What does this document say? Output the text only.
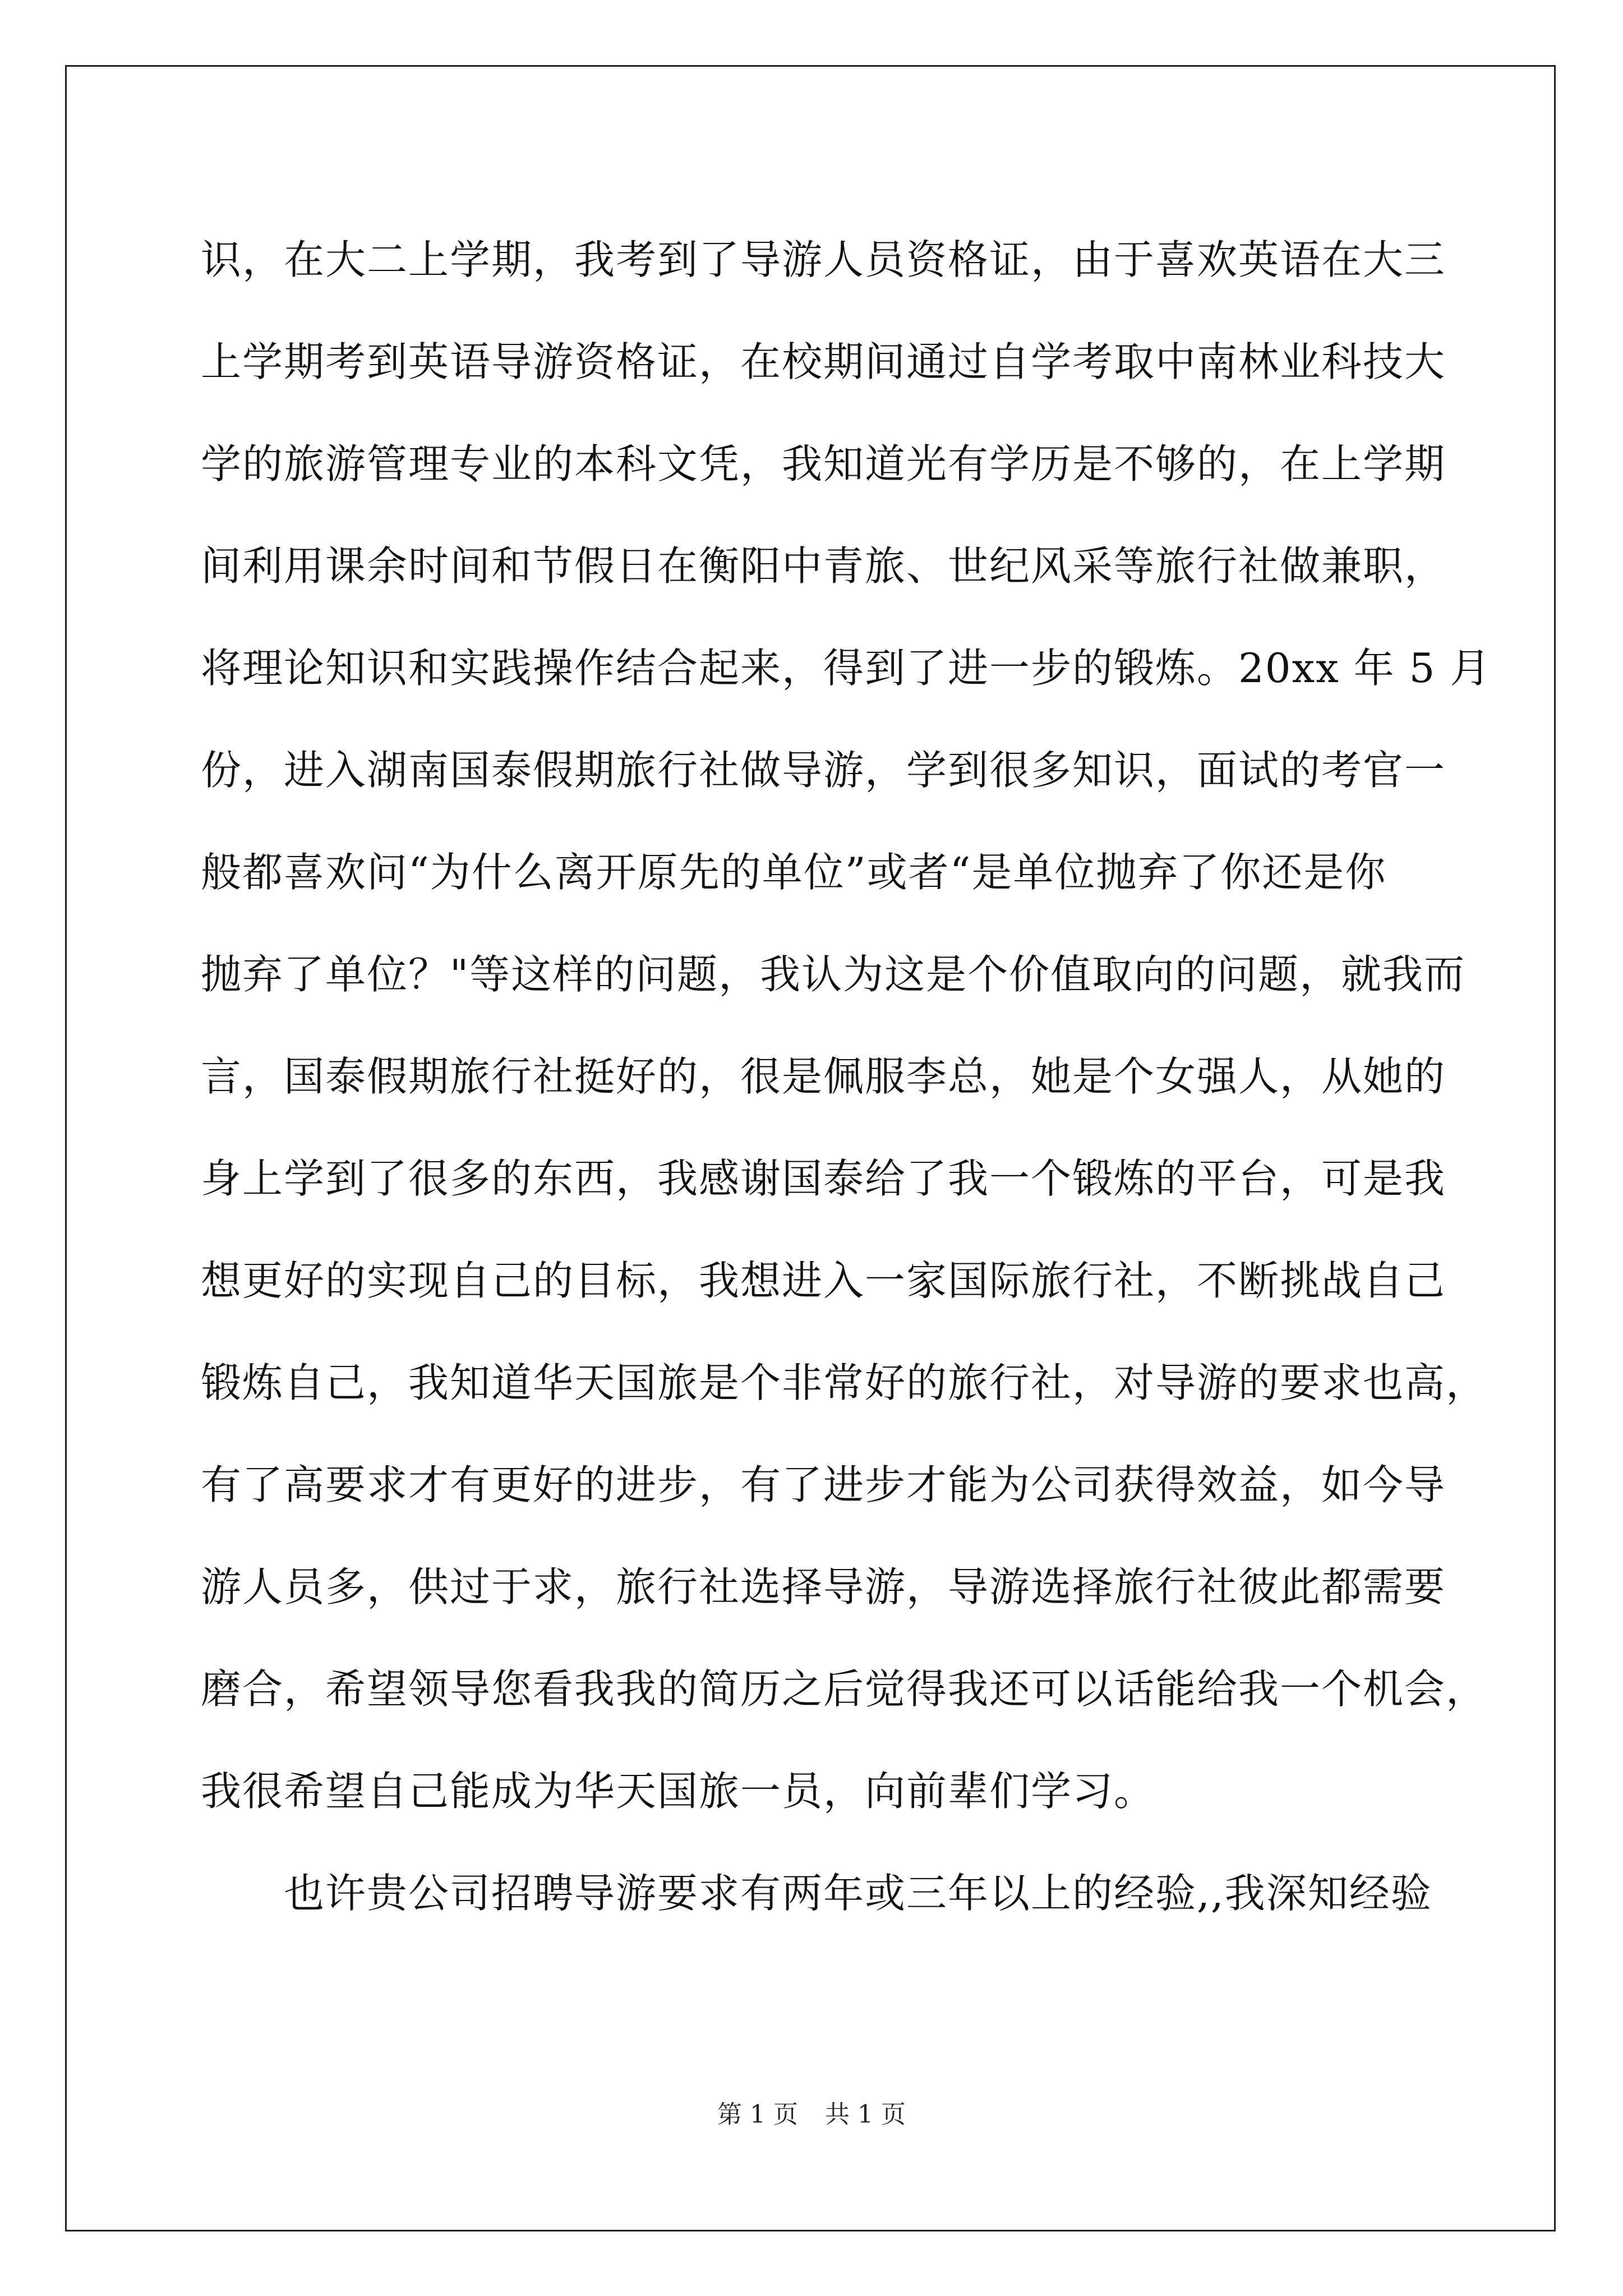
识，在大二上学期，我考到了导游人员资格证，由于喜欢英语在大三
上学期考到英语导游资格证，在校期间通过自学考取中南林业科技大
学的旅游管理专业的本科文凭，我知道光有学历是不够的，在上学期
间利用课余时间和节假日在衡阳中青旅、世纪风采等旅行社做兼职，
将理论知识和实践操作结合起来，得到了进一步的锻炼。20xx 年 5 月
份，进入湖南国泰假期旅行社做导游，学到很多知识，面试的考官一
般都喜欢问“为什么离开原先的单位”或者“是单位抛弃了你还是你
抛弃了单位？"等这样的问题，我认为这是个价值取向的问题，就我而
言，国泰假期旅行社挺好的，很是佩服李总，她是个女强人，从她的
身上学到了很多的东西，我感谢国泰给了我一个锻炼的平台，可是我
想更好的实现自己的目标，我想进入一家国际旅行社，不断挑战自己
锻炼自己，我知道华天国旅是个非常好的旅行社，对导游的要求也高，
有了高要求才有更好的进步，有了进步才能为公司获得效益，如今导
游人员多，供过于求，旅行社选择导游，导游选择旅行社彼此都需要
磨合，希望领导您看我我的简历之后觉得我还可以话能给我一个机会，
我很希望自己能成为华天国旅一员，向前辈们学习。
也许贵公司招聘导游要求有两年或三年以上的经验,,我深知经验
第 1 页 共 1 页
